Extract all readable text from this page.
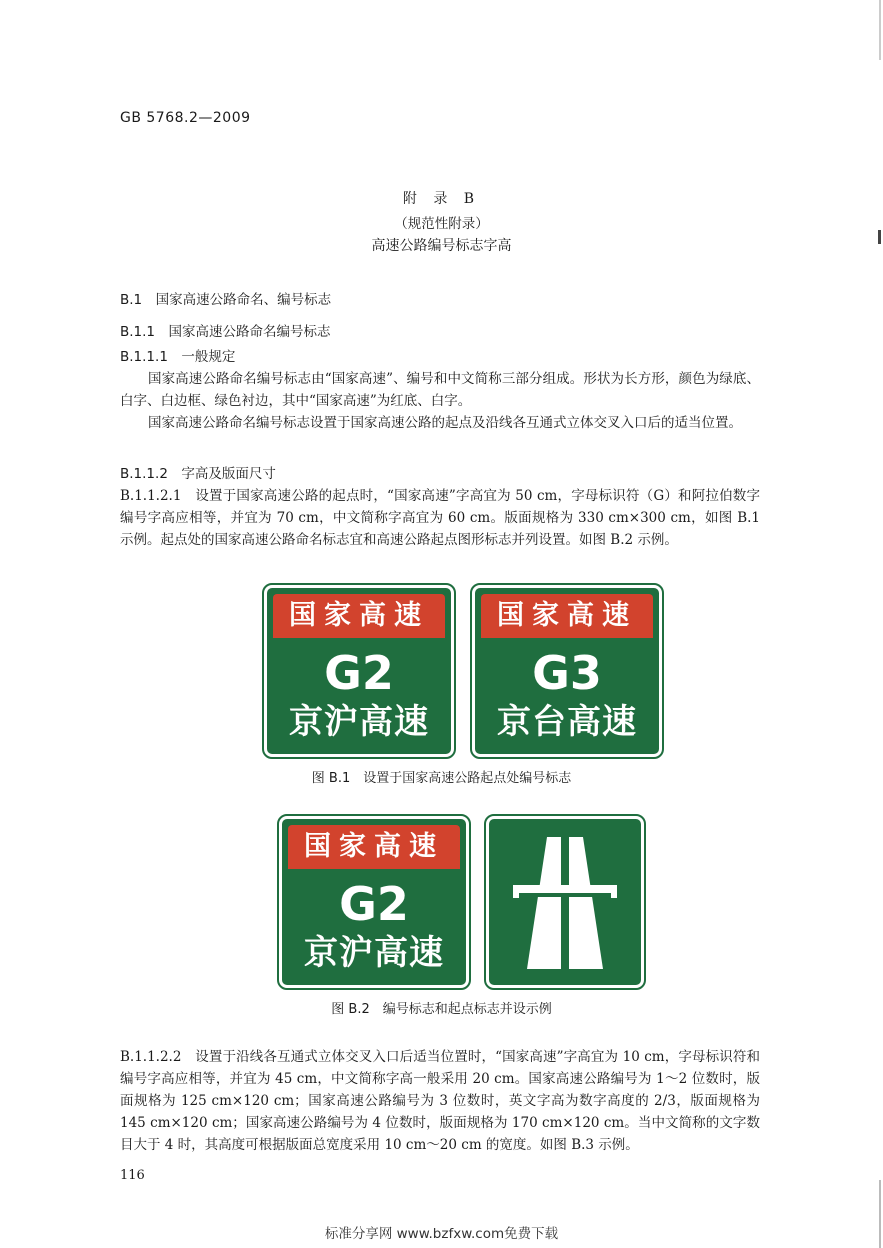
GB 5768.2—2009
附 录 B
（规范性附录）
高速公路编号标志字高
B.1　国家高速公路命名、编号标志
B.1.1　国家高速公路命名编号标志
B.1.1.1　一般规定
国家高速公路命名编号标志由“国家高速”、编号和中文简称三部分组成。形状为长方形，颜色为绿底、白字、白边框、绿色衬边，其中“国家高速”为红底、白字。
国家高速公路命名编号标志设置于国家高速公路的起点及沿线各互通式立体交叉入口后的适当位置。
B.1.1.2　字高及版面尺寸
B.1.1.2.1　设置于国家高速公路的起点时，“国家高速”字高宜为 50 cm，字母标识符（G）和阿拉伯数字编号字高应相等，并宜为 70 cm，中文简称字高宜为 60 cm。版面规格为 330 cm×300 cm，如图 B.1 示例。起点处的国家高速公路命名标志宜和高速公路起点图形标志并列设置。如图 B.2 示例。
国家高速
G2
京沪高速
国家高速
G3
京台高速
图 B.1　设置于国家高速公路起点处编号标志
国家高速
G2
京沪高速
图 B.2　编号标志和起点标志并设示例
B.1.1.2.2　设置于沿线各互通式立体交叉入口后适当位置时，“国家高速”字高宜为 10 cm，字母标识符和编号字高应相等，并宜为 45 cm，中文简称字高一般采用 20 cm。国家高速公路编号为 1～2 位数时，版面规格为 125 cm×120 cm；国家高速公路编号为 3 位数时，英文字高为数字高度的 2/3，版面规格为 145 cm×120 cm；国家高速公路编号为 4 位数时，版面规格为 170 cm×120 cm。当中文简称的文字数目大于 4 时，其高度可根据版面总宽度采用 10 cm～20 cm 的宽度。如图 B.3 示例。
116
标准分享网 www.bzfxw.com免费下载
